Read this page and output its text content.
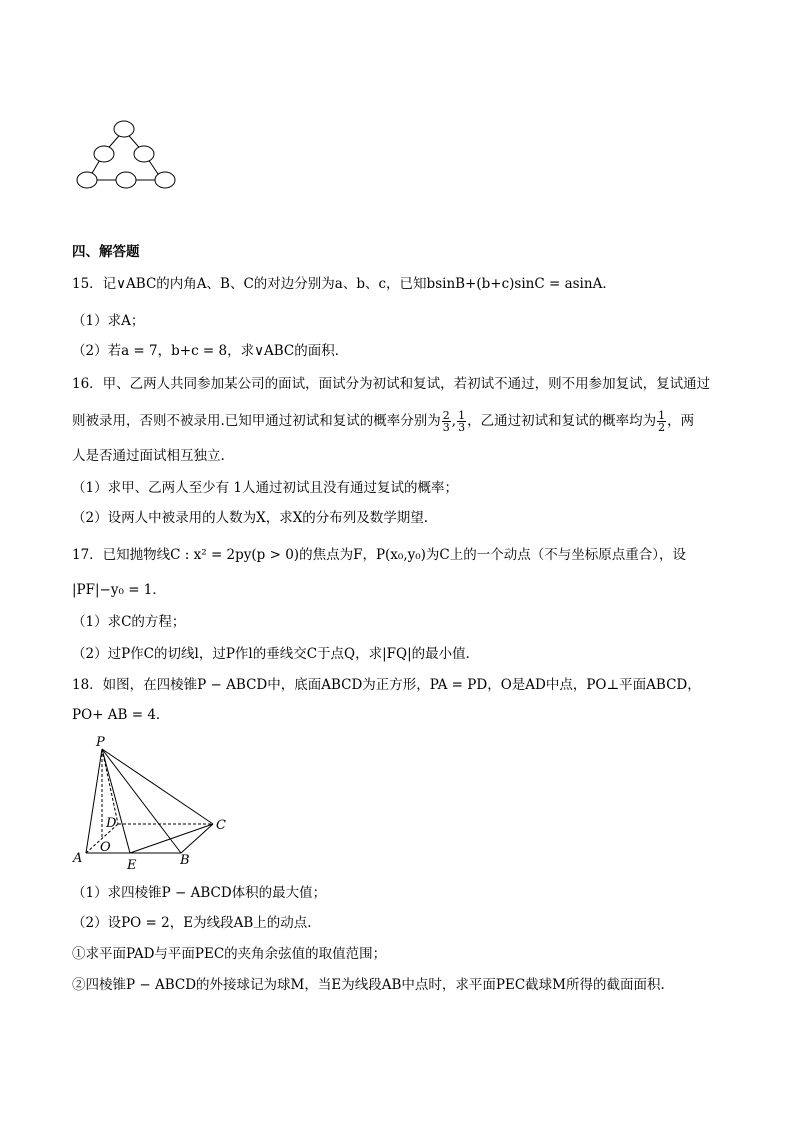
四、解答题
15．记∨ABC的内角A、B、C的对边分别为a、b、c，已知bsinB+(b+c)sinC = asinA．
（1）求A；
（2）若a = 7，b+c = 8，求∨ABC的面积．
16．甲、乙两人共同参加某公司的面试，面试分为初试和复试，若初试不通过，则不用参加复试，复试通过
则被录用，否则不被录用.已知甲通过初试和复试的概率分别为 $\frac{2}{3}$ , $\frac{1}{3}$ ，乙通过初试和复试的概率均为 $\frac{1}{2}$ ，两
人是否通过面试相互独立.
（1）求甲、乙两人至少有 1人通过初试且没有通过复试的概率；
（2）设两人中被录用的人数为X，求X的分布列及数学期望.
17．已知抛物线C : x² = 2py(p > 0)的焦点为F，P(x₀,y₀)为C上的一个动点（不与坐标原点重合），设
|PF|−y₀ = 1．
（1）求C的方程；
（2）过P作C的切线l，过P作l的垂线交C于点Q，求|FQ|的最小值．
18．如图，在四棱锥P − ABCD中，底面ABCD为正方形，PA = PD，O是AD中点，PO⊥平面ABCD，
PO+ AB = 4．
P
D	C
O
A	E	B
（1）求四棱锥P − ABCD体积的最大值；
（2）设PO = 2，E为线段AB上的动点.
①求平面PAD与平面PEC的夹角余弦值的取值范围；
②四棱锥P − ABCD的外接球记为球M，当E为线段AB中点时，求平面PEC截球M所得的截面面积.
